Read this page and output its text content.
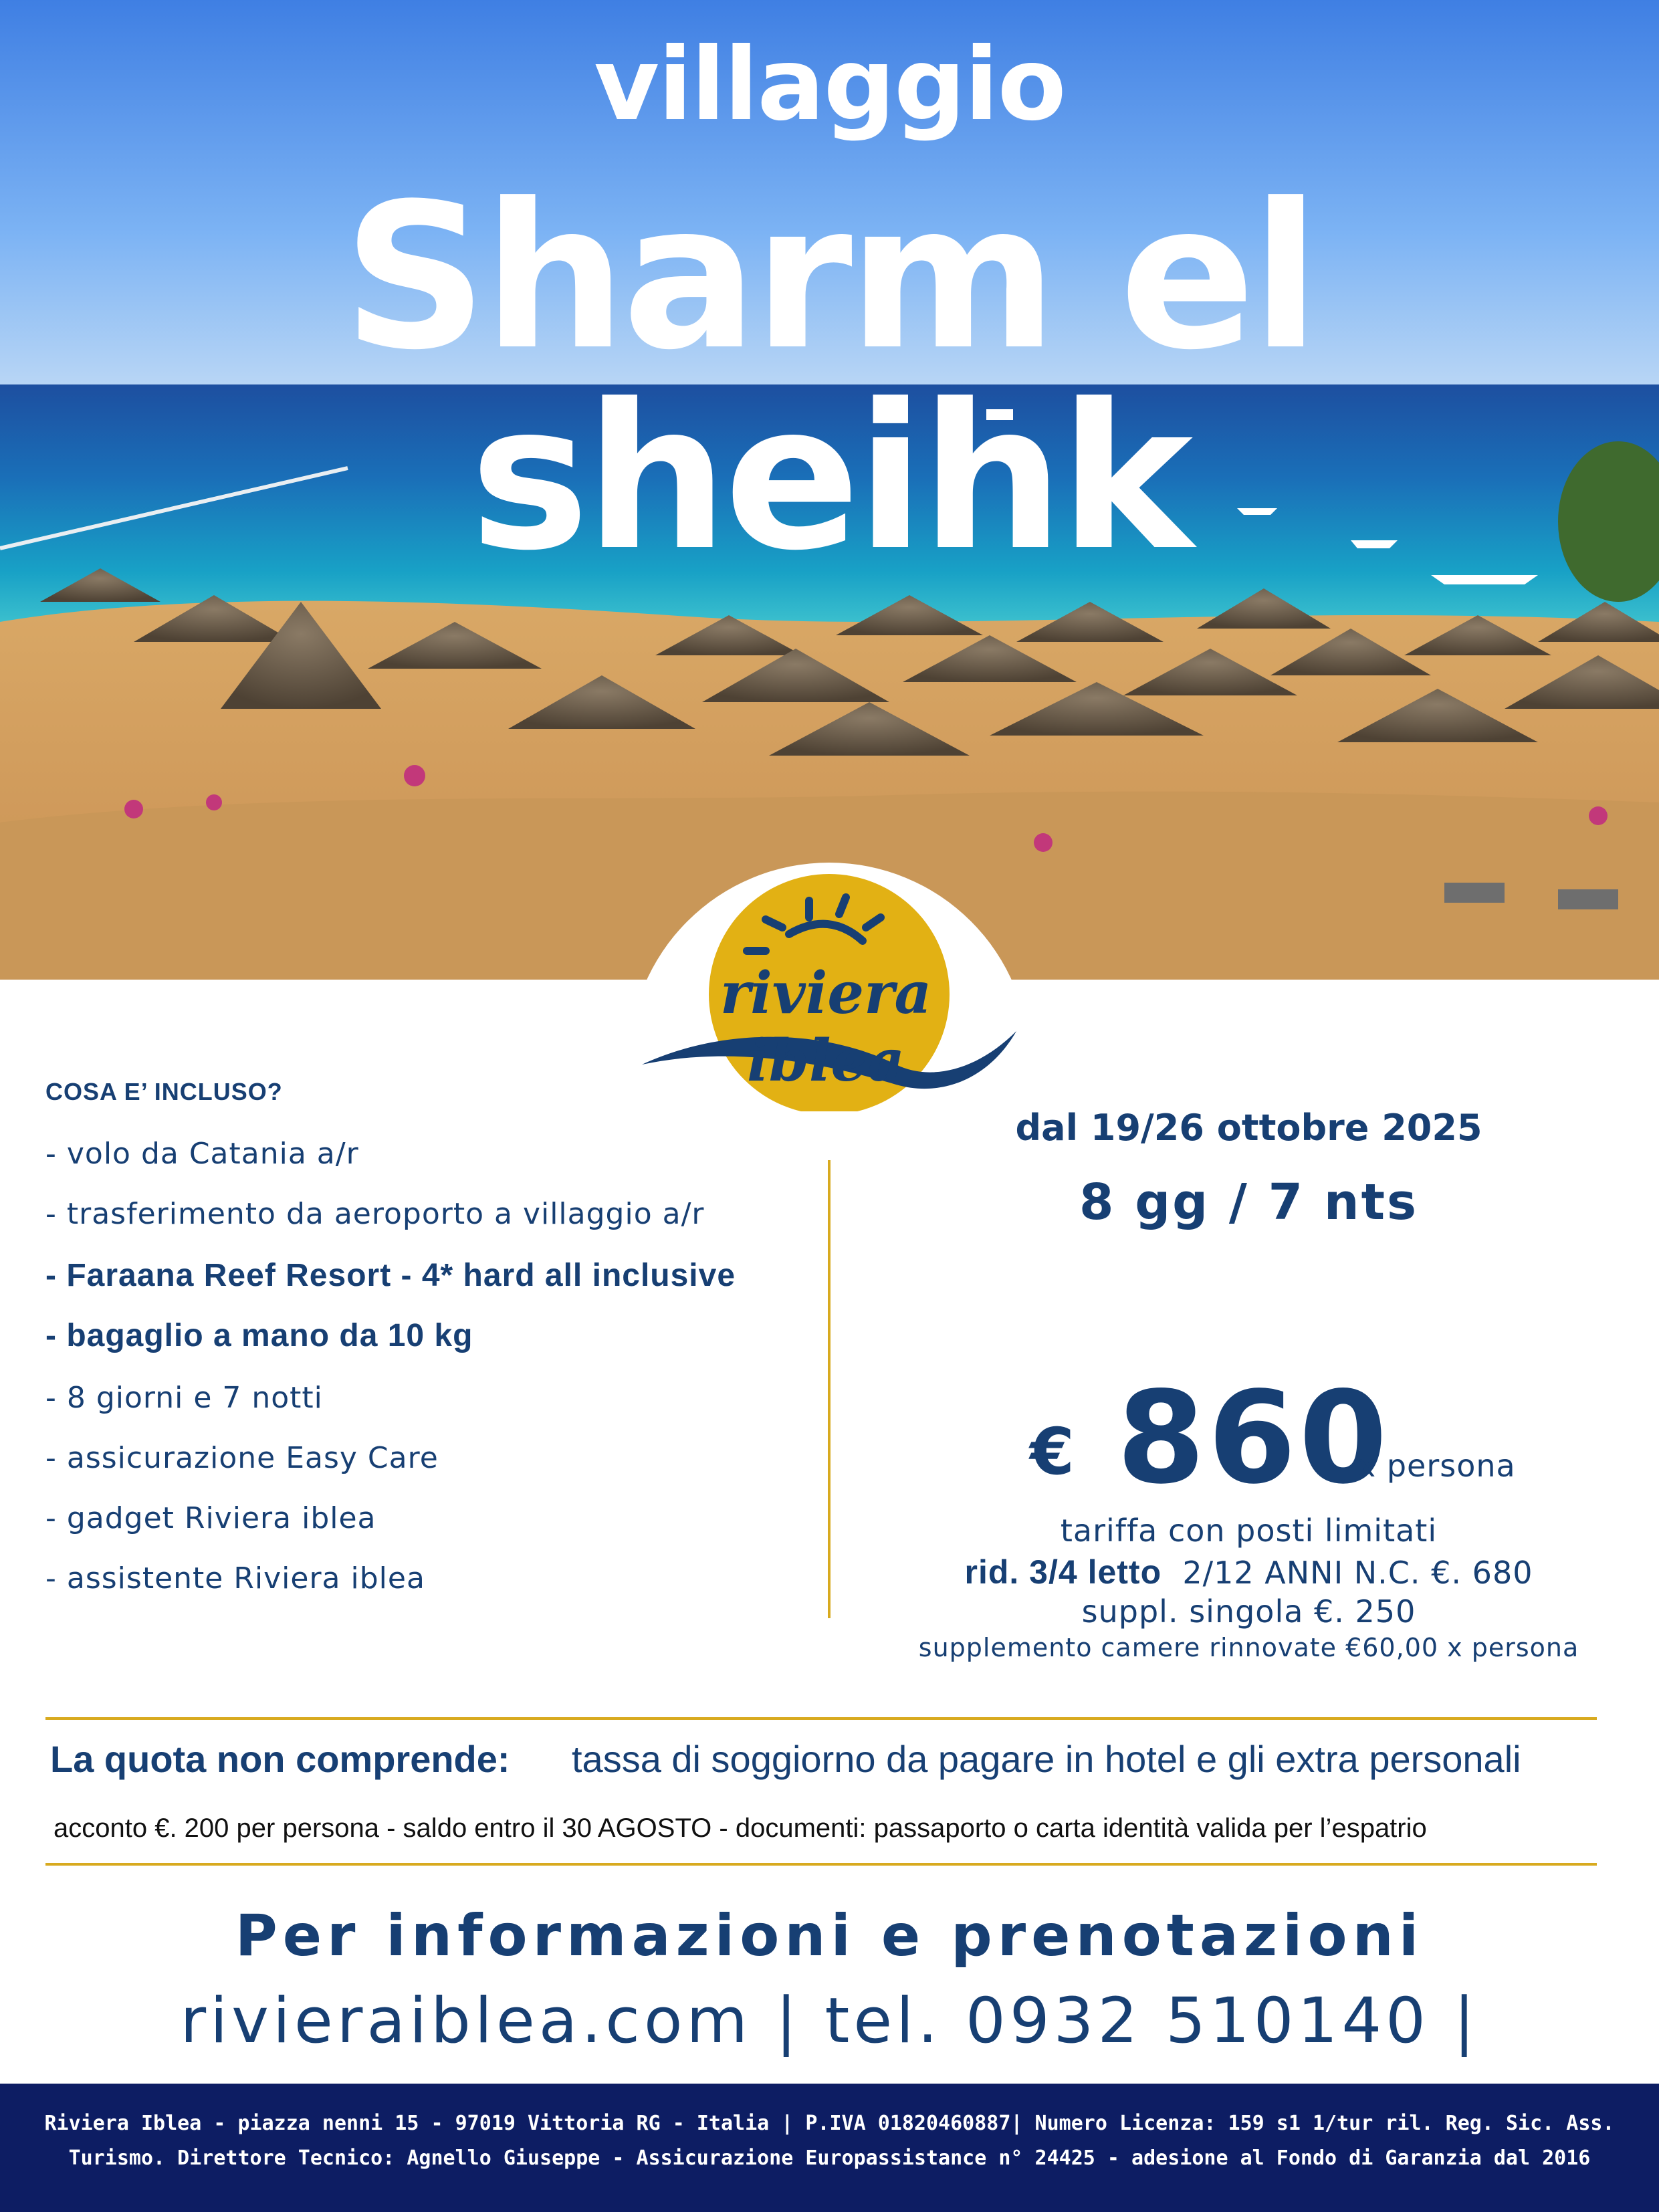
villaggio
Sharm el sheihk
riviera iblea
COSA E’ INCLUSO?
- volo da Catania a/r
- trasferimento da aeroporto a villaggio a/r
- Faraana Reef Resort - 4* hard all inclusive
- bagaglio a mano da 10 kg
- 8 giorni e 7 notti
- assicurazione Easy Care
- gadget Riviera iblea
- assistente Riviera iblea
dal 19/26 ottobre 2025
8 gg / 7 nts
€ 860
x persona
tariffa con posti limitati
rid. 3/4 letto 2/12 ANNI N.C. €. 680
suppl. singola €. 250
supplemento camere rinnovate €60,00 x persona
La quota non comprende: tassa di soggiorno da pagare in hotel e gli extra personali
acconto €. 200 per persona - saldo entro il 30 AGOSTO - documenti: passaporto o carta identità valida per l’espatrio
Per informazioni e prenotazioni
rivieraiblea.com | tel. 0932 510140 |
Riviera Iblea - piazza nenni 15 - 97019 Vittoria RG - Italia | P.IVA 01820460887| Numero Licenza: 159 s1 1/tur ril. Reg. Sic. Ass.
Turismo. Direttore Tecnico: Agnello Giuseppe - Assicurazione Europassistance n° 24425 - adesione al Fondo di Garanzia dal 2016
